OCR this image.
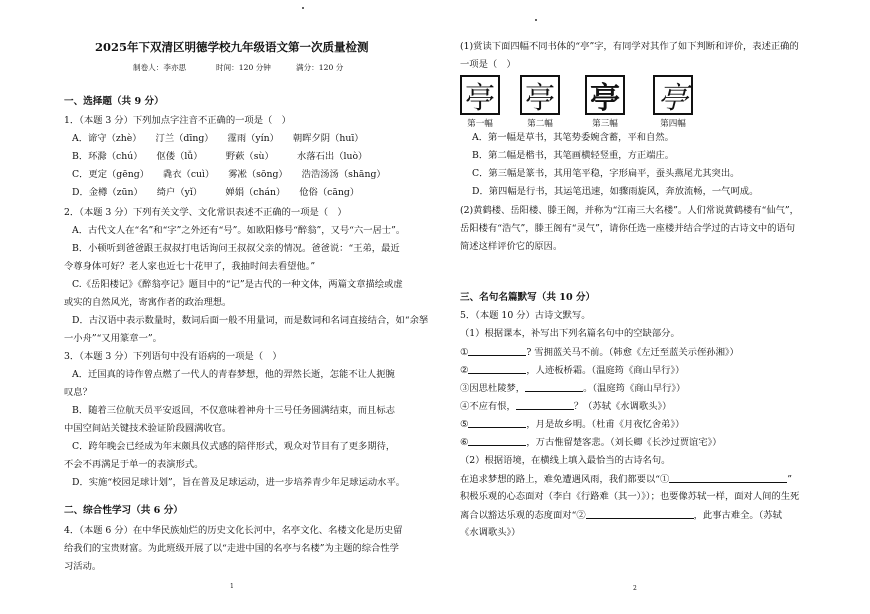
2025年下双清区明德学校九年级语文第一次质量检测
制卷人：李亦思	时间：120 分钟	满分：120 分
一、选择题（共 9 分）
1．（本题 3 分）下列加点字注音不正确的一项是（　）
A．谛守（zhè）　　汀兰（dīng）　　霪雨（yín）　　朝晖夕阴（huī）
B．环滁（chú）　　伛偻（lǚ）　　　野蔌（sù）　　　水落石出（luò）
C．更定（gēng）　　毳衣（cuì）　　雾凇（sōng）　　浩浩汤汤（shāng）
D．金樽（zūn）　　绮户（yǐ）　　　婵娟（chán）　　伧俗（cāng）
2．（本题 3 分）下列有关文学、文化常识表述不正确的一项是（　）
A．古代文人在“名”和“字”之外还有“号”。如欧阳修号“醉翁”，又号“六一居士”。
B．小顿听到爸爸跟王叔叔打电话询问王叔叔父亲的情况。爸爸说：“王弟，最近
令尊身体可好？老人家也近七十花甲了，我抽时间去看望他。”
C.《岳阳楼记》《醉翁亭记》题目中的“记”是古代的一种文体，两篇文章描绘或虚
或实的自然风光，寄寓作者的政治理想。
D．古汉语中表示数量时，数词后面一般不用量词，而是数词和名词直接结合，如“余拏
一小舟”“又用篆章一”。
3．（本题 3 分）下列语句中没有语病的一项是（　）
A．迁国真的诗作曾点燃了一代人的青春梦想，他的羿然长逝，怎能不让人扼腕
叹息？
B．随着三位航天员平安返回，不仅意味着神舟十三号任务圆满结束，而且标志
中国空间站关键技术验证阶段圆满收官。
C．跨年晚会已经成为年末颇具仪式感的陪伴形式，观众对节目有了更多期待，
不会不再满足于单一的表演形式。
D．实施“校园足球计划”，旨在普及足球运动，进一步培养青少年足球运动水平。
二、综合性学习（共 6 分）
4．（本题 6 分）在中华民族灿烂的历史文化长河中，名亭文化、名楼文化是历史留
给我们的宝贵财富。为此班级开展了以“走进中国的名亭与名楼”为主题的综合性学
习活动。
1
(1)赏读下面四幅不同书体的“亭”字，有同学对其作了如下判断和评价，表述正确的
一项是（　）
亭 亭 亭 亭
第一幅	第二幅	第三幅	第四幅
A．第一幅是草书，其笔势委婉含蓄，平和自然。
B．第二幅是楷书，其笔画横轻竖重，方正端庄。
C．第三幅是篆书，其用笔平稳，字形扁平，蚕头燕尾尤其突出。
D．第四幅是行书，其运笔迅速，如骤雨旋风，奔放流畅，一气呵成。
(2)黄鹤楼、岳阳楼、滕王阁，并称为“江南三大名楼”。人们常说黄鹤楼有“仙气”，
岳阳楼有“浩气”，滕王阁有“灵气”，请你任选一座楼并结合学过的古诗文中的语句
简述这样评价它的原因。
三、名句名篇默写（共 10 分）
5．（本题 10 分）古诗文默写。
（1）根据课本，补写出下列名篇名句中的空缺部分。
①	? 雪拥蓝关马不前。（韩愈《左迁至蓝关示侄孙湘》）
②	，人迹板桥霜。（温庭筠《商山早行》）
③因思杜陵梦，	。（温庭筠《商山早行》）
④不应有恨，	？（苏轼《水调歌头》）
⑤	，月是故乡明。（杜甫《月夜忆舍弟》）
⑥	，万古惟留楚客悲。（刘长卿《长沙过贾谊宅》）
（2）根据语境，在横线上填入最恰当的古诗名句。
在追求梦想的路上，难免遭遇风雨，我们都要以“①	”
积极乐观的心态面对（李白《行路难（其一）》）；也要像苏轼一样，面对人间的生死
离合以豁达乐观的态度面对“②	，此事古难全。（苏轼
《水调歌头》）
2
